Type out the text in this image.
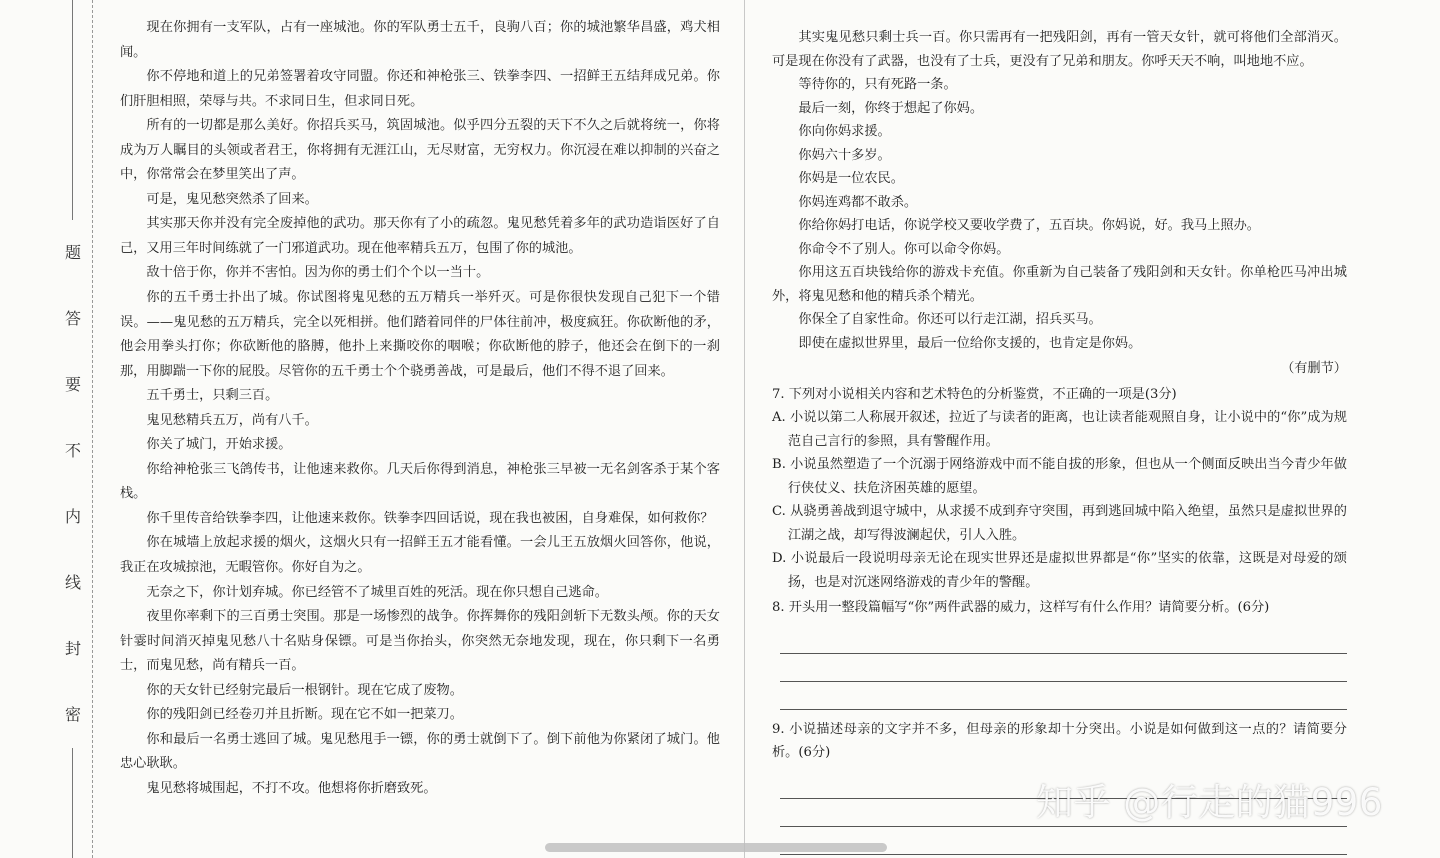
题
答
要
不
内
线
封
密

现在你拥有一支军队，占有一座城池。你的军队勇士五千，良驹八百；你的城池繁华昌盛，鸡犬相闻。

你不停地和道上的兄弟签署着攻守同盟。你还和神枪张三、铁拳李四、一招鲜王五结拜成兄弟。你们肝胆相照，荣辱与共。不求同日生，但求同日死。

所有的一切都是那么美好。你招兵买马，筑固城池。似乎四分五裂的天下不久之后就将统一，你将成为万人瞩目的头领或者君王，你将拥有无涯江山，无尽财富，无穷权力。你沉浸在难以抑制的兴奋之中，你常常会在梦里笑出了声。

可是，鬼见愁突然杀了回来。

其实那天你并没有完全废掉他的武功。那天你有了小的疏忽。鬼见愁凭着多年的武功造诣医好了自己，又用三年时间练就了一门邪道武功。现在他率精兵五万，包围了你的城池。

敌十倍于你，你并不害怕。因为你的勇士们个个以一当十。

你的五千勇士扑出了城。你试图将鬼见愁的五万精兵一举歼灭。可是你很快发现自己犯下一个错误。——鬼见愁的五万精兵，完全以死相拼。他们踏着同伴的尸体往前冲，极度疯狂。你砍断他的矛，他会用拳头打你；你砍断他的胳膊，他扑上来撕咬你的咽喉；你砍断他的脖子，他还会在倒下的一刹那，用脚踹一下你的屁股。尽管你的五千勇士个个骁勇善战，可是最后，他们不得不退了回来。

五千勇士，只剩三百。

鬼见愁精兵五万，尚有八千。

你关了城门，开始求援。

你给神枪张三飞鸽传书，让他速来救你。几天后你得到消息，神枪张三早被一无名剑客杀于某个客栈。

你千里传音给铁拳李四，让他速来救你。铁拳李四回话说，现在我也被困，自身难保，如何救你？

你在城墙上放起求援的烟火，这烟火只有一招鲜王五才能看懂。一会儿王五放烟火回答你，他说，我正在攻城掠池，无暇管你。你好自为之。

无奈之下，你计划弃城。你已经管不了城里百姓的死活。现在你只想自己逃命。

夜里你率剩下的三百勇士突围。那是一场惨烈的战争。你挥舞你的残阳剑斩下无数头颅。你的天女针霎时间消灭掉鬼见愁八十名贴身保镖。可是当你抬头，你突然无奈地发现，现在，你只剩下一名勇士，而鬼见愁，尚有精兵一百。

你的天女针已经射完最后一根钢针。现在它成了废物。

你的残阳剑已经卷刃并且折断。现在它不如一把菜刀。

你和最后一名勇士逃回了城。鬼见愁甩手一镖，你的勇士就倒下了。倒下前他为你紧闭了城门。他忠心耿耿。

鬼见愁将城围起，不打不攻。他想将你折磨致死。

其实鬼见愁只剩士兵一百。你只需再有一把残阳剑，再有一管天女针，就可将他们全部消灭。可是现在你没有了武器，也没有了士兵，更没有了兄弟和朋友。你呼天天不响，叫地地不应。

等待你的，只有死路一条。

最后一刻，你终于想起了你妈。

你向你妈求援。

你妈六十多岁。

你妈是一位农民。

你妈连鸡都不敢杀。

你给你妈打电话，你说学校又要收学费了，五百块。你妈说，好。我马上照办。

你命令不了别人。你可以命令你妈。

你用这五百块钱给你的游戏卡充值。你重新为自己装备了残阳剑和天女针。你单枪匹马冲出城外，将鬼见愁和他的精兵杀个精光。

你保全了自家性命。你还可以行走江湖，招兵买马。

即使在虚拟世界里，最后一位给你支援的，也肯定是你妈。

（有删节）

7. 下列对小说相关内容和艺术特色的分析鉴赏，不正确的一项是(3分)

A. 小说以第二人称展开叙述，拉近了与读者的距离，也让读者能观照自身，让小说中的“你”成为规范自己言行的参照，具有警醒作用。

B. 小说虽然塑造了一个沉溺于网络游戏中而不能自拔的形象，但也从一个侧面反映出当今青少年做行侠仗义、扶危济困英雄的愿望。

C. 从骁勇善战到退守城中，从求援不成到弃守突围，再到逃回城中陷入绝望，虽然只是虚拟世界的江湖之战，却写得波澜起伏，引人入胜。

D. 小说最后一段说明母亲无论在现实世界还是虚拟世界都是“你”坚实的依靠，这既是对母爱的颂扬，也是对沉迷网络游戏的青少年的警醒。

8. 开头用一整段篇幅写“你”两件武器的威力，这样写有什么作用？请简要分析。(6分)

9. 小说描述母亲的文字并不多，但母亲的形象却十分突出。小说是如何做到这一点的？请简要分析。(6分)

知乎 @行走的猫996
